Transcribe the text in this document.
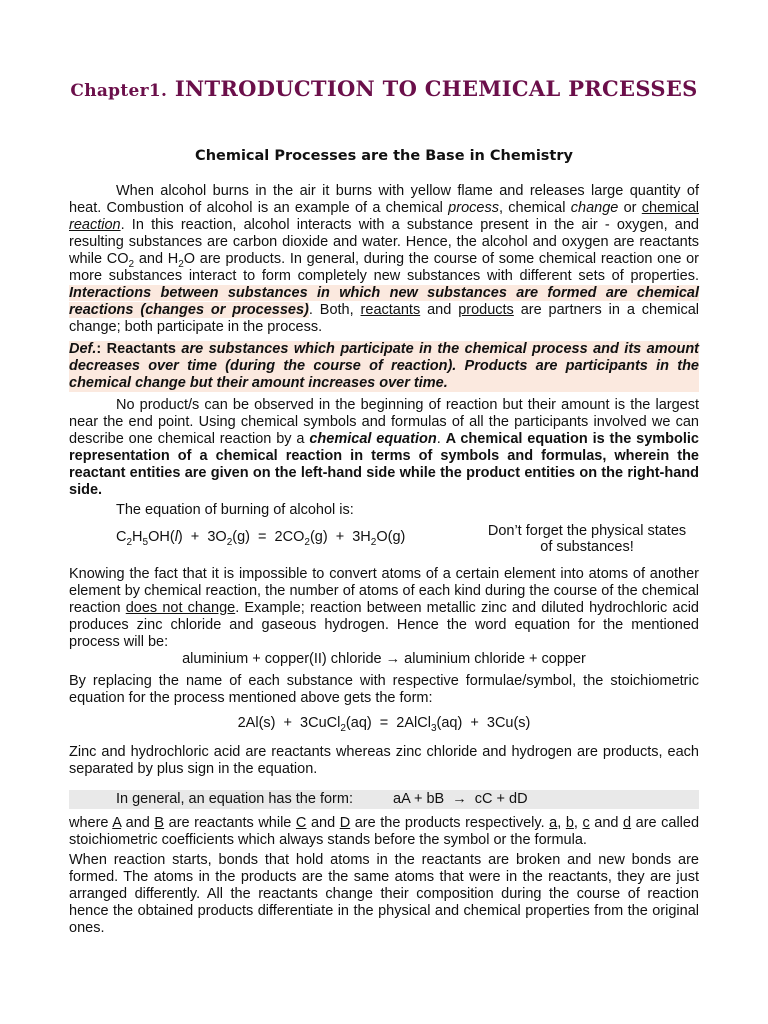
Chapter1. INTRODUCTION TO CHEMICAL PRCESSES
Chemical Processes are the Base in Chemistry

When alcohol burns in the air it burns with yellow flame and releases large quantity of heat. Combustion of alcohol is an example of a chemical process, chemical change or chemical reaction. In this reaction, alcohol interacts with a substance present in the air - oxygen, and resulting substances are carbon dioxide and water. Hence, the alcohol and oxygen are reactants while $CO_2$ and $H_2O$ are products. In general, during the course of some chemical reaction one or more substances interact to form completely new substances with different sets of properties. Interactions between substances in which new substances are formed are chemical reactions (changes or processes). Both, reactants and products are partners in a chemical change; both participate in the process.

Def.: Reactants are substances which participate in the chemical process and its amount decreases over time (during the course of reaction). Products are participants in the chemical change but their amount increases over time.

No product/s can be observed in the beginning of reaction but their amount is the largest near the end point. Using chemical symbols and formulas of all the participants involved we can describe one chemical reaction by a chemical equation. A chemical equation is the symbolic representation of a chemical reaction in terms of symbols and formulas, wherein the reactant entities are given on the left-hand side while the product entities on the right-hand side.

The equation of burning of alcohol is:

$C_2H_5OH(l) + 3O_2(g) = 2CO_2(g) + 3H_2O(g)$	Don’t forget the physical states of substances!

Knowing the fact that it is impossible to convert atoms of a certain element into atoms of another element by chemical reaction, the number of atoms of each kind during the course of the chemical reaction does not change. Example; reaction between metallic zinc and diluted hydrochloric acid produces zinc chloride and gaseous hydrogen. Hence the word equation for the mentioned process will be:

aluminium + copper(II) chloride → aluminium chloride + copper

By replacing the name of each substance with respective formulae/symbol, the stoichiometric equation for the process mentioned above gets the form:

2Al(s)  +  3CuCl$_2$(aq)  =  2AlCl$_3$(aq)  +  3Cu(s)

Zinc and hydrochloric acid are reactants whereas zinc chloride and hydrogen are products, each separated by plus sign in the equation.

In general, an equation has the form:	aA + bB  →  cC + dD

where A and B are reactants while C and D are the products respectively. a, b, c and d are called stoichiometric coefficients which always stands before the symbol or the formula.

When reaction starts, bonds that hold atoms in the reactants are broken and new bonds are formed. The atoms in the products are the same atoms that were in the reactants, they are just arranged differently. All the reactants change their composition during the course of reaction hence the obtained products differentiate in the physical and chemical properties from the original ones.
